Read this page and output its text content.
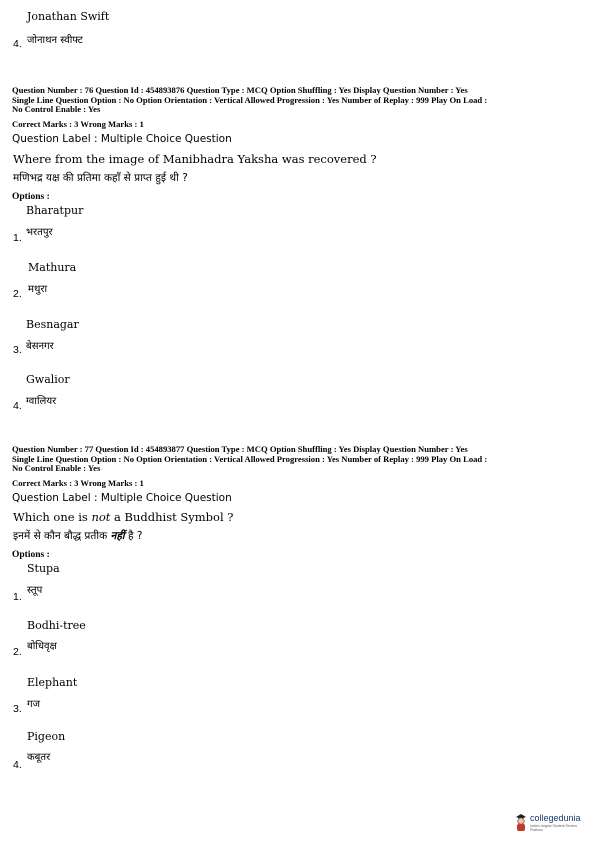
Jonathan Swift
4. जोनाथन स्वीफ्ट
Question Number : 76 Question Id : 454893876 Question Type : MCQ Option Shuffling : Yes Display Question Number : Yes
Single Line Question Option : No Option Orientation : Vertical Allowed Progression : Yes Number of Replay : 999 Play On Load :
No Control Enable : Yes
Correct Marks : 3 Wrong Marks : 1
Question Label : Multiple Choice Question
Where from the image of Manibhadra Yaksha was recovered ?
मणिभद्र यक्ष की प्रतिमा कहाँ से प्राप्त हुई थी ?
Options :
Bharatpur
1. भरतपुर
Mathura
2. मथुरा
Besnagar
3. बेसनगर
Gwalior
4. ग्वालियर
Question Number : 77 Question Id : 454893877 Question Type : MCQ Option Shuffling : Yes Display Question Number : Yes
Single Line Question Option : No Option Orientation : Vertical Allowed Progression : Yes Number of Replay : 999 Play On Load :
No Control Enable : Yes
Correct Marks : 3 Wrong Marks : 1
Question Label : Multiple Choice Question
Which one is not a Buddhist Symbol ?
इनमें से कौन बौद्ध प्रतीक नहीं है ?
Options :
Stupa
1.
स्तूप
Bodhi-tree
2. बोधिवृक्ष
Elephant
3. गज
Pigeon
4.
कबूतर
collegedunia
India's largest Student Review Platform
